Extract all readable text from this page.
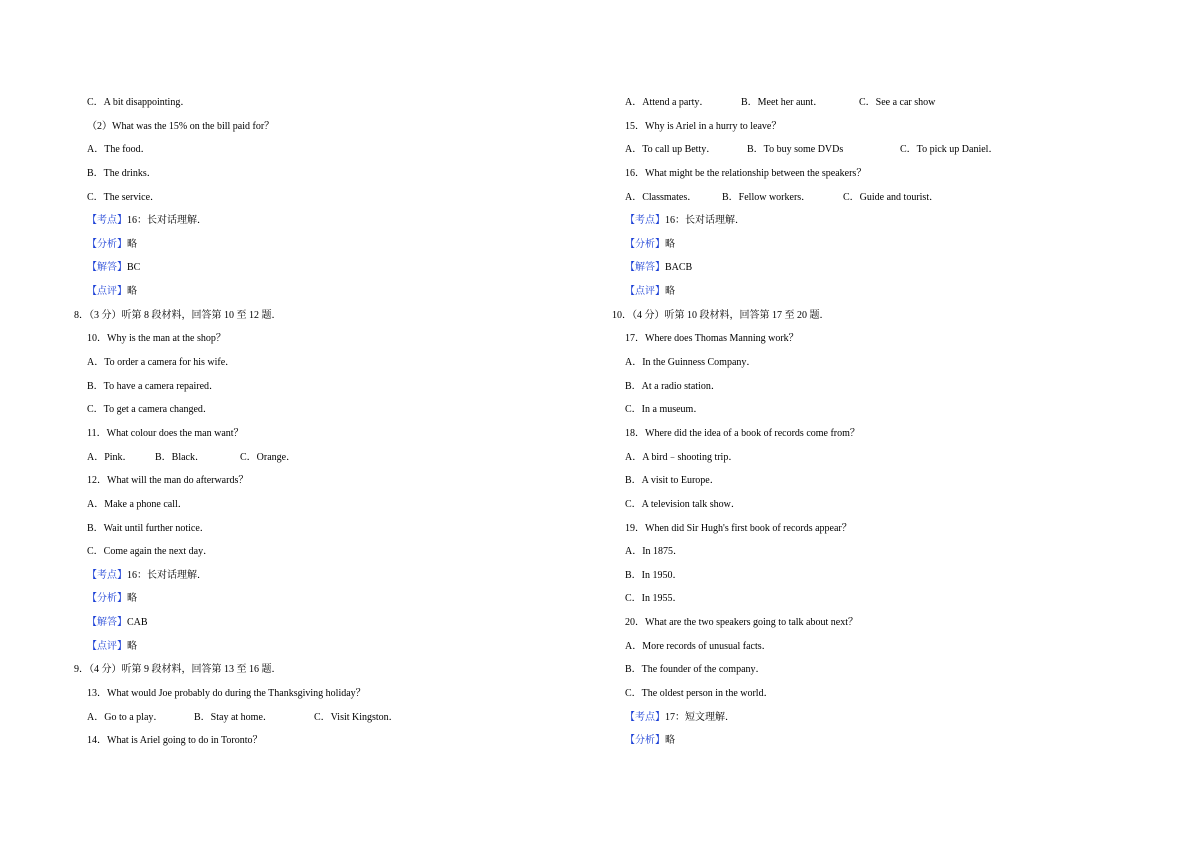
C．A bit disappointing．
（2）What was the 15% on the bill paid for？
A．The food．
B．The drinks．
C．The service．
【考点】16：长对话理解．
【分析】略
【解答】BC
【点评】略
8．（3 分）听第 8 段材料，回答第 10 至 12 题．
10．Why is the man at the shop？
A．To order a camera for his wife．
B．To have a camera repaired．
C．To get a camera changed．
11．What colour does the man want？
A．Pink． B．Black．	C．Orange．
12．What will the man do afterwards？
A．Make a phone call．
B．Wait until further notice．
C．Come again the next day．
【考点】16：长对话理解．
【分析】略
【解答】CAB
【点评】略
9．（4 分）听第 9 段材料，回答第 13 至 16 题．
13．What would Joe probably do during the Thanksgiving holiday？
A．Go to a play．	B．Stay at home．	C．Visit Kingston．
14．What is Ariel going to do in Toronto？
A．Attend a party．	B．Meet her aunt．	C．See a car show
15．Why is Ariel in a hurry to leave？
A．To call up Betty．	B．To buy some DVDs	C．To pick up Daniel．
16．What might be the relationship between the speakers？
A．Classmates． B．Fellow workers．	C．Guide and tourist．
【考点】16：长对话理解．
【分析】略
【解答】BACB
【点评】略
10．（4 分）听第 10 段材料，回答第 17 至 20 题．
17．Where does Thomas Manning work？
A．In the Guinness Company．
B．At a radio station．
C．In a museum．
18．Where did the idea of a book of records come from？
A．A bird﹣shooting trip．
B．A visit to Europe．
C．A television talk show．
19．When did Sir Hugh's first book of records appear？
A．In 1875．
B．In 1950．
C．In 1955．
20．What are the two speakers going to talk about next？
A．More records of unusual facts．
B．The founder of the company．
C．The oldest person in the world．
【考点】17：短文理解．
【分析】略
